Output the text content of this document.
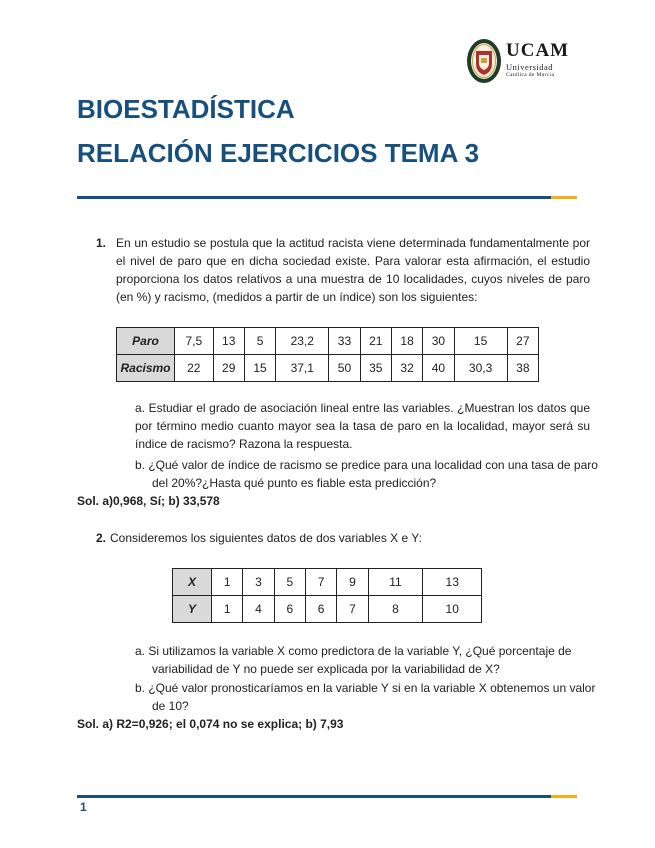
UCAM
Universidad
Católica de Murcia
BIOESTADÍSTICA
RELACIÓN EJERCICIOS TEMA 3
1. En un estudio se postula que la actitud racista viene determinada fundamentalmente por el nivel de paro que en dicha sociedad existe. Para valorar esta afirmación, el estudio proporciona los datos relativos a una muestra de 10 localidades, cuyos niveles de paro (en %) y racismo, (medidos a partir de un índice) son los siguientes:

Paro	7,5	13	5	23,2	33	21	18	30	15	27
Racismo	22	29	15	37,1	50	35	32	40	30,3	38

a. Estudiar el grado de asociación lineal entre las variables. ¿Muestran los datos que por término medio cuanto mayor sea la tasa de paro en la localidad, mayor será su índice de racismo? Razona la respuesta.

b. ¿Qué valor de índice de racismo se predice para una localidad con una tasa de paro del 20%?¿Hasta qué punto es fiable esta predicción?

Sol. a)0,968, Sí; b) 33,578
2. Consideremos los siguientes datos de dos variables X e Y:

X	1	3	5	7	9	11	13
Y	1	4	6	6	7	8	10

a. Si utilizamos la variable X como predictora de la variable Y, ¿Qué porcentaje de variabilidad de Y no puede ser explicada por la variabilidad de X?

b. ¿Qué valor pronosticaríamos en la variable Y si en la variable X obtenemos un valor de 10?

Sol. a) R2=0,926; el 0,074 no se explica; b) 7,93
1
